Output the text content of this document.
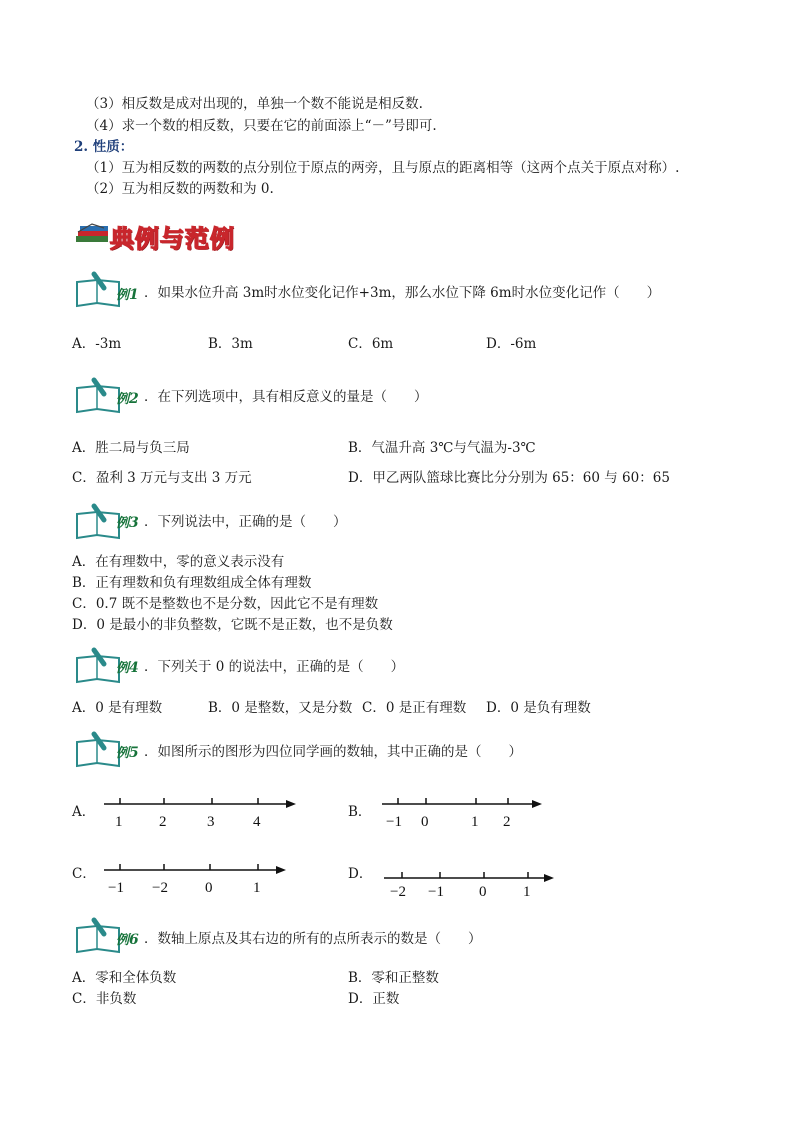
（3）相反数是成对出现的，单独一个数不能说是相反数.
（4）求一个数的相反数，只要在它的前面添上“－”号即可.
2. 性质：
（1）互为相反数的两数的点分别位于原点的两旁，且与原点的距离相等（这两个点关于原点对称）.
（2）互为相反数的两数和为 0.
典例与范例
例1 ．如果水位升高 3m时水位变化记作+3m，那么水位下降 6m时水位变化记作（　　）
A．-3m	B．3m	C．6m	D．-6m
例2 ．在下列选项中，具有相反意义的量是（　　）
A．胜二局与负三局	B．气温升高 3℃与气温为-3℃
C．盈利 3 万元与支出 3 万元	D．甲乙两队篮球比赛比分分别为 65：60 与 60：65
例3 ．下列说法中，正确的是（　　）
A．在有理数中，零的意义表示没有
B．正有理数和负有理数组成全体有理数
C．0.7 既不是整数也不是分数，因此它不是有理数
D．0 是最小的非负整数，它既不是正数，也不是负数
例4 ．下列关于 0 的说法中，正确的是（　　）
A．0 是有理数	B．0 是整数，又是分数 C．0 是正有理数 D．0 是负有理数
例5 ．如图所示的图形为四位同学画的数轴，其中正确的是（　　）
A．
1 2	3	4
B．
−1 0	1 2
C．
−1 −2 0	1
D．
−2 −1 0 1
例6 ．数轴上原点及其右边的所有的点所表示的数是（　　）
A．零和全体负数	B．零和正整数
C．非负数	D．正数
